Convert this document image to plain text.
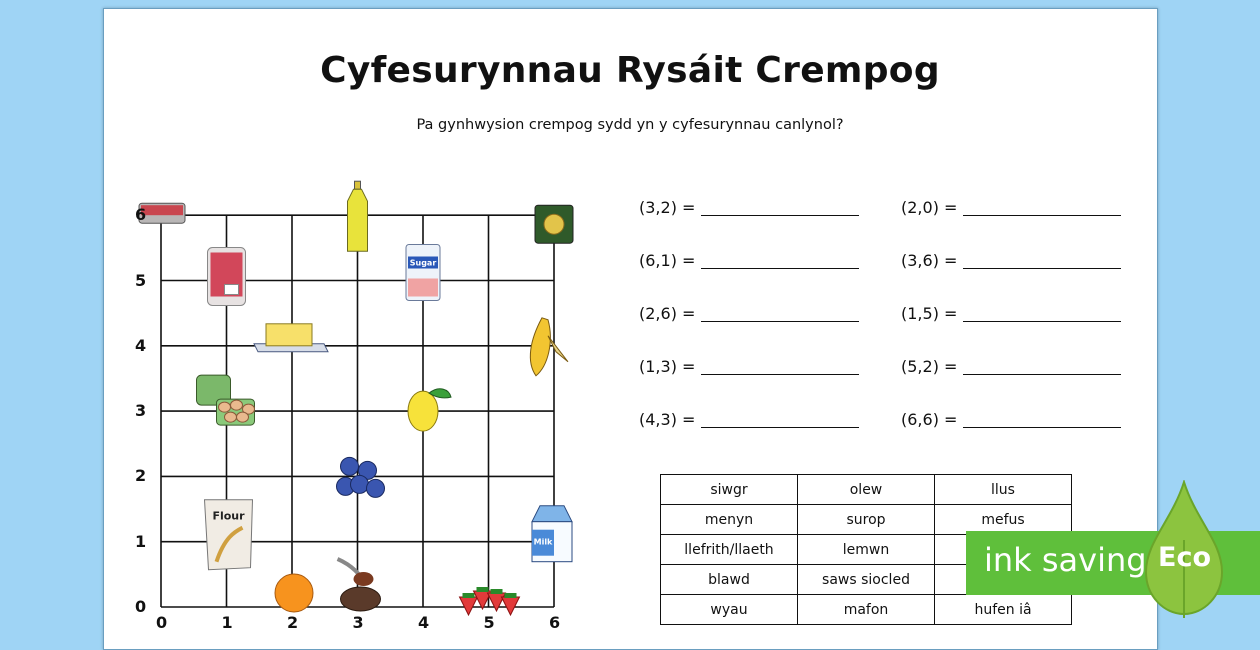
Cyfesurynnau Rysáit Crempog
Pa gynhwysion crempog sydd yn y cyfesurynnau canlynol?
Sugar
Flour
Milk
6
5
4
3
2
1
0
0	1	2	3	4	5	6
(3,2) =	(2,0) =
(6,1) =	(3,6) =
(2,6) =	(1,5) =
(1,3) =	(5,2) =
(4,3) =	(6,6) =
siwgr	olew	llus
menyn	surop	mefus
llefrith/llaeth	lemwn	
blawd	saws siocled	
wyau	mafon	hufen iâ
ink saving Eco
